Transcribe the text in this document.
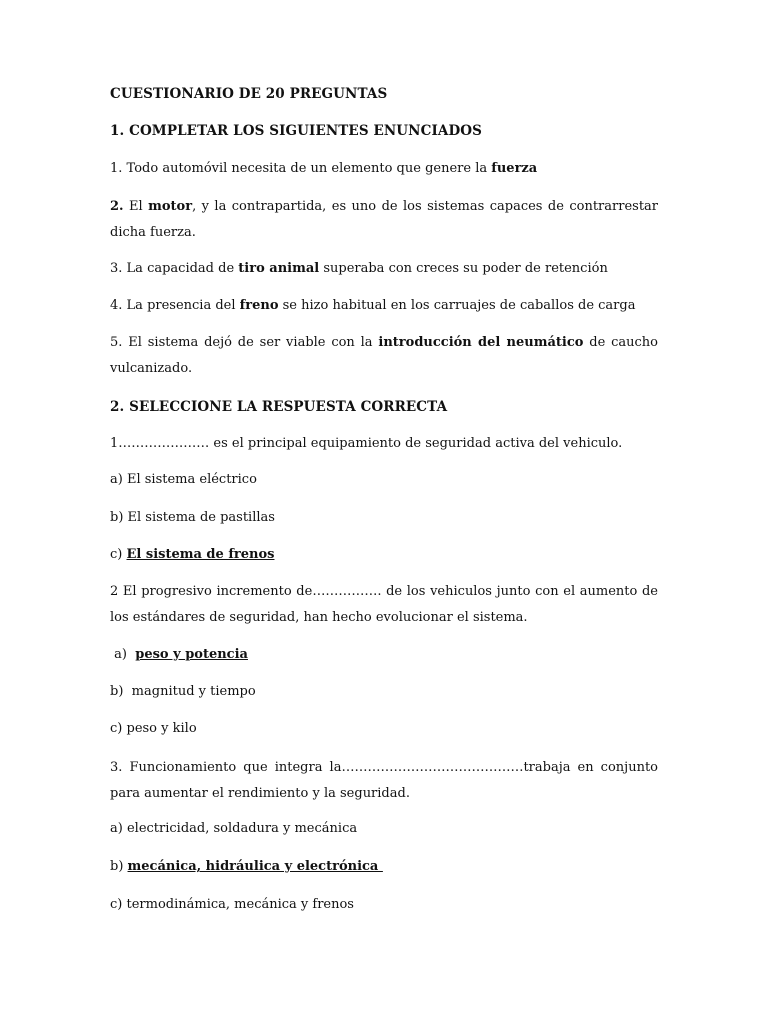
CUESTIONARIO DE 20 PREGUNTAS

1. COMPLETAR LOS SIGUIENTES ENUNCIADOS

1. Todo automóvil necesita de un elemento que genere la fuerza

2. El motor, y la contrapartida, es uno de los sistemas capaces de contrarrestar dicha fuerza.

3. La capacidad de tiro animal superaba con creces su poder de retención

4. La presencia del freno se hizo habitual en los carruajes de caballos de carga

5. El sistema dejó de ser viable con la introducción del neumático de caucho vulcanizado.

2. SELECCIONE LA RESPUESTA CORRECTA

1………………… es el principal equipamiento de seguridad activa del vehiculo.

a) El sistema eléctrico

b) El sistema de pastillas

c) El sistema de frenos

2 El progresivo incremento de……………. de los vehiculos junto con el aumento de los estándares de seguridad, han hecho evolucionar el sistema.

a)  peso y potencia

b)  magnitud y tiempo

c) peso y kilo

3. Funcionamiento que integra la……………………………………trabaja en conjunto para aumentar el rendimiento y la seguridad.

a) electricidad, soldadura y mecánica

b) mecánica, hidráulica y electrónica

c) termodinámica, mecánica y frenos
